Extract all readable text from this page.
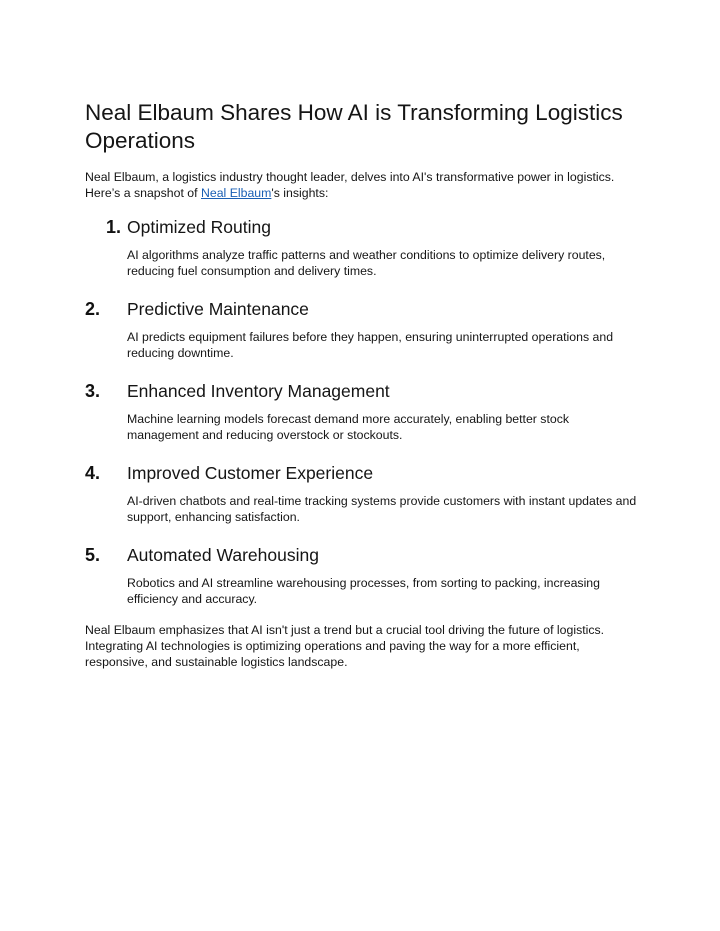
Neal Elbaum Shares How AI is Transforming Logistics Operations

Neal Elbaum, a logistics industry thought leader, delves into AI's transformative power in logistics. Here’s a snapshot of Neal Elbaum's insights:

1. Optimized Routing

AI algorithms analyze traffic patterns and weather conditions to optimize delivery routes, reducing fuel consumption and delivery times.

2. Predictive Maintenance

AI predicts equipment failures before they happen, ensuring uninterrupted operations and reducing downtime.

3. Enhanced Inventory Management

Machine learning models forecast demand more accurately, enabling better stock management and reducing overstock or stockouts.

4. Improved Customer Experience

AI-driven chatbots and real-time tracking systems provide customers with instant updates and support, enhancing satisfaction.

5. Automated Warehousing

Robotics and AI streamline warehousing processes, from sorting to packing, increasing efficiency and accuracy.

Neal Elbaum emphasizes that AI isn't just a trend but a crucial tool driving the future of logistics. Integrating AI technologies is optimizing operations and paving the way for a more efficient, responsive, and sustainable logistics landscape.
